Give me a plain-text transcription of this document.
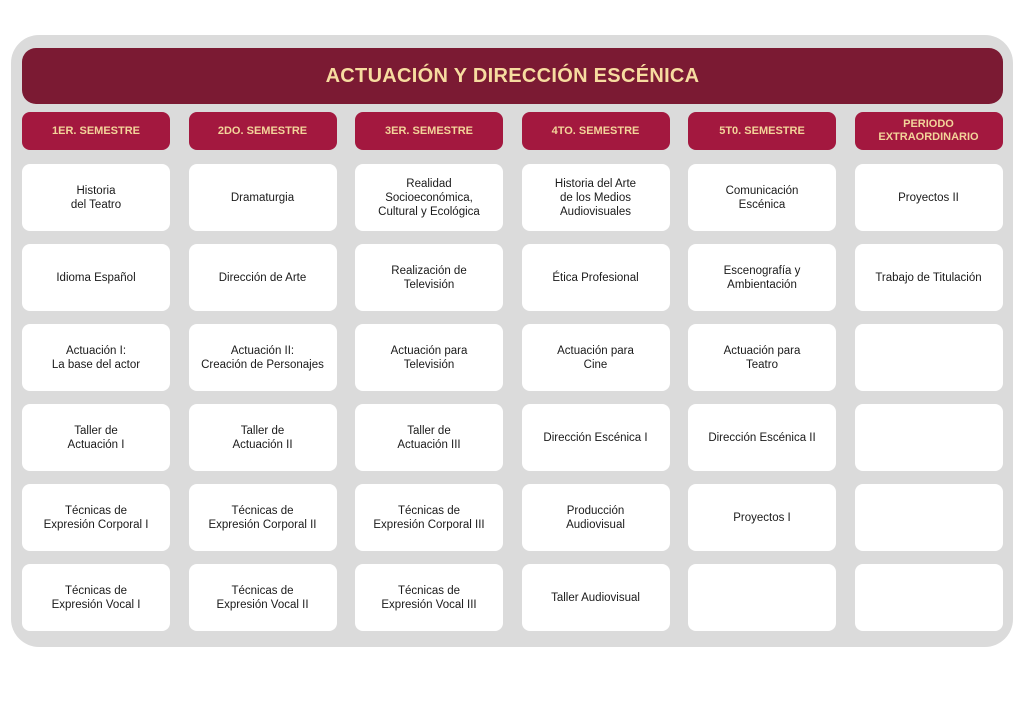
ACTUACIÓN Y DIRECCIÓN ESCÉNICA
1ER. SEMESTRE
Historia
del Teatro
Idioma Español
Actuación I:
La base del actor
Taller de
Actuación I
Técnicas de
Expresión Corporal I
Técnicas de
Expresión Vocal I
2DO. SEMESTRE
Dramaturgia
Dirección de Arte
Actuación II:
Creación de Personajes
Taller de
Actuación II
Técnicas de
Expresión Corporal II
Técnicas de
Expresión Vocal II
3ER. SEMESTRE
Realidad
Socioeconómica,
Cultural y Ecológica
Realización de
Televisión
Actuación para
Televisión
Taller de
Actuación III
Técnicas de
Expresión Corporal III
Técnicas de
Expresión Vocal III
4TO. SEMESTRE
Historia del Arte
de los Medios
Audiovisuales
Ética Profesional
Actuación para
Cine
Dirección Escénica I
Producción
Audiovisual
Taller Audiovisual
5T0. SEMESTRE
Comunicación
Escénica
Escenografía y
Ambientación
Actuación para
Teatro
Dirección Escénica II
Proyectos I
PERIODO
EXTRAORDINARIO
Proyectos II
Trabajo de Titulación
